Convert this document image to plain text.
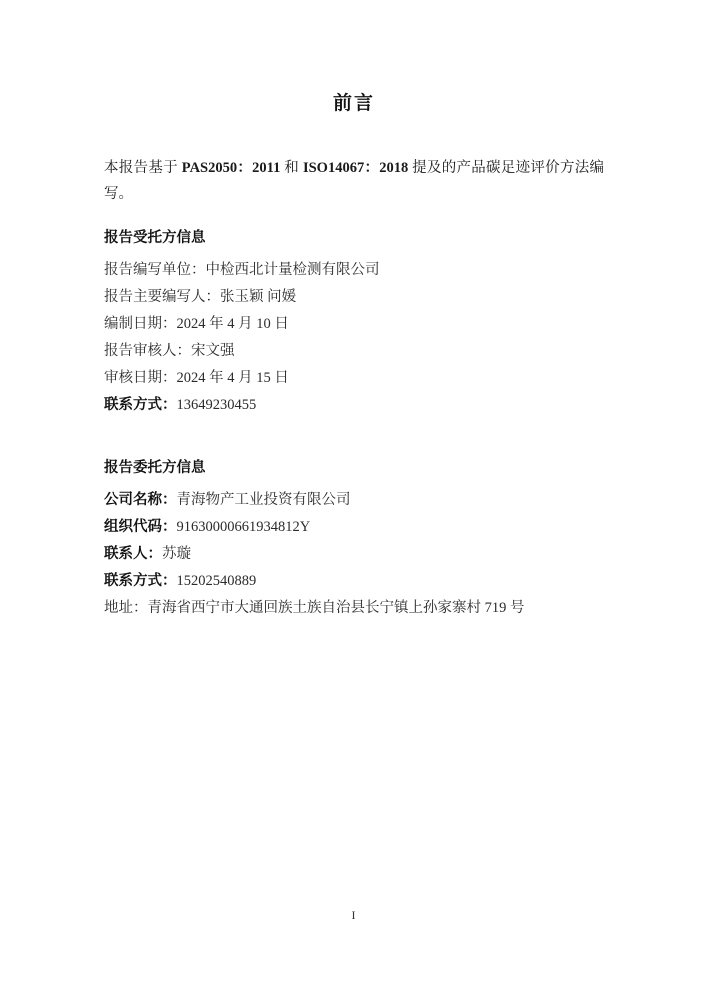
前言
本报告基于 PAS2050：2011 和 ISO14067：2018 提及的产品碳足迹评价方法编写。
报告受托方信息
报告编写单位：中检西北计量检测有限公司
报告主要编写人：张玉颖 问媛
编制日期：2024 年 4 月 10 日
报告审核人：宋文强
审核日期：2024 年 4 月 15 日
联系方式：13649230455
报告委托方信息
公司名称：青海物产工业投资有限公司
组织代码：91630000661934812Y
联系人：苏璇
联系方式：15202540889
地址：青海省西宁市大通回族土族自治县长宁镇上孙家寨村 719 号
I
